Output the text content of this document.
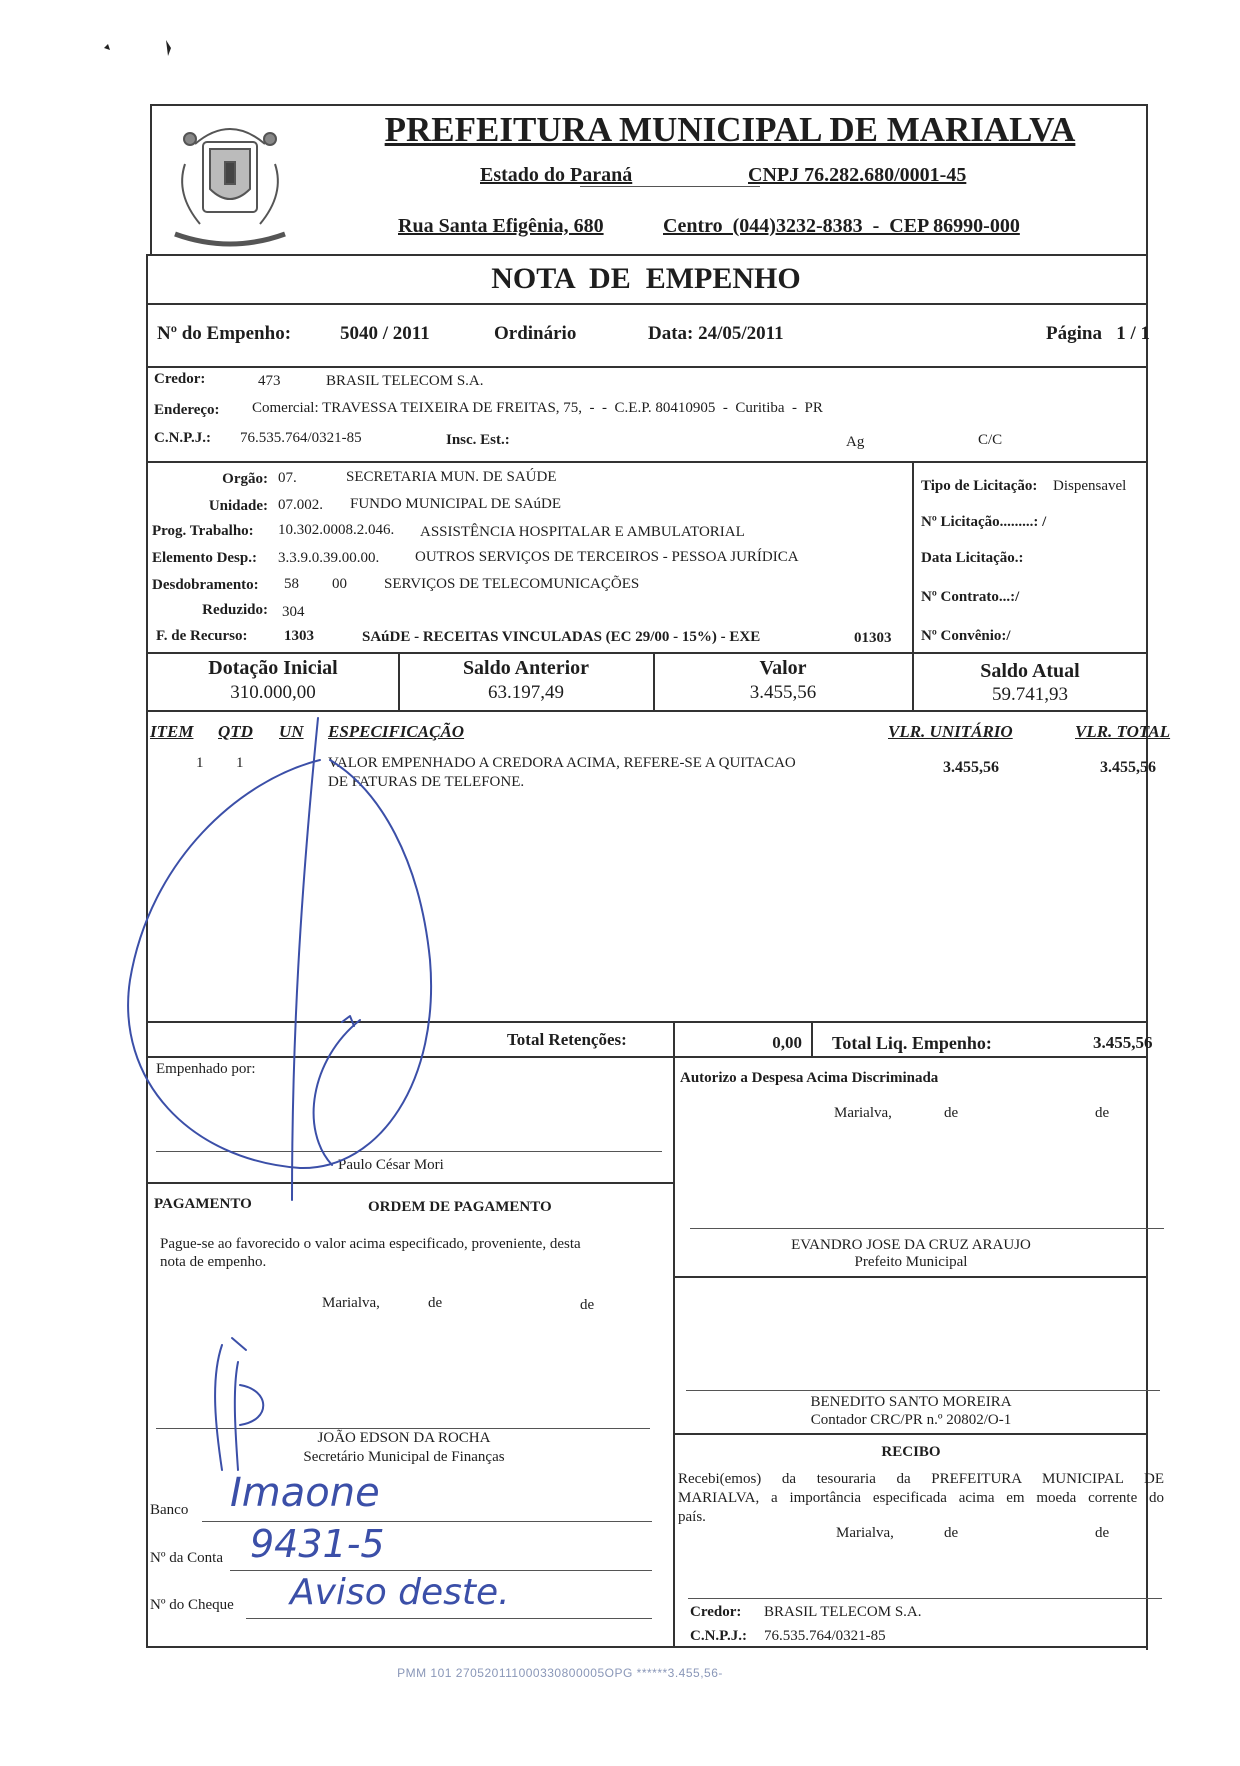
PREFEITURA MUNICIPAL DE MARIALVA
Estado do Paraná	CNPJ 76.282.680/0001-45
Rua Santa Efigênia, 680	Centro  (044)3232-8383  -  CEP 86990-000
NOTA  DE  EMPENHO
Nº do Empenho:	5040 / 2011	Ordinário	Data: 24/05/2011	Página   1 / 1
Credor:	473	BRASIL TELECOM S.A.
Endereço: Comercial: TRAVESSA TEIXEIRA DE FREITAS, 75,  -  -  C.E.P. 80410905  -  Curitiba  -  PR
C.N.P.J.: 76.535.764/0321-85	Insc. Est.:	Ag	C/C
Orgão: 07.	SECRETARIA MUN. DE SAÚDE
Unidade: 07.002. FUNDO MUNICIPAL DE SAúDE
Prog. Trabalho: 10.302.0008.2.046. ASSISTÊNCIA HOSPITALAR E AMBULATORIAL
Elemento Desp.: 3.3.9.0.39.00.00. OUTROS SERVIÇOS DE TERCEIROS - PESSOA JURÍDICA
Desdobramento: 58 00 SERVIÇOS DE TELECOMUNICAÇÕES
Reduzido: 304
F. de Recurso: 1303	SAúDE - RECEITAS VINCULADAS (EC 29/00 - 15%) - EXE	01303
Tipo de Licitação: Dispensavel
Nº Licitação.........: /
Data Licitação.:
Nº Contrato...:/
Nº Convênio:/
Dotação Inicial
310.000,00
Saldo Anterior
63.197,49
Valor
3.455,56
Saldo Atual
59.741,93
ITEM QTD UN ESPECIFICAÇÃO	VLR. UNITÁRIO	VLR. TOTAL
1 1	VALOR EMPENHADO A CREDORA ACIMA, REFERE-SE A QUITACAO
DE FATURAS DE TELEFONE.
3.455,56	3.455,56
Total Retenções:	0,00 Total Liq. Empenho:	3.455,56
Empenhado por:
Paulo César Mori
PAGAMENTO	ORDEM DE PAGAMENTO
Pague-se ao favorecido o valor acima especificado, proveniente, desta
nota de empenho.
Marialva,	de	de
JOÃO EDSON DA ROCHA
Secretário Municipal de Finanças
Banco Imaone
Nº da Conta 9431-5
Nº do Cheque Aviso deste.
Autorizo a Despesa Acima Discriminada
Marialva,	de	de
EVANDRO JOSE DA CRUZ ARAUJO
Prefeito Municipal
BENEDITO SANTO MOREIRA
Contador CRC/PR n.º 20802/O-1
RECIBO
Recebi(emos) da tesouraria da PREFEITURA MUNICIPAL DE
MARIALVA, a importância especificada acima em moeda corrente do
país.
Marialva,	de	de
Credor: BRASIL TELECOM S.A.
C.N.P.J.: 76.535.764/0321-85
PMM 101 270520111000330800005OPG ******3.455,56-
